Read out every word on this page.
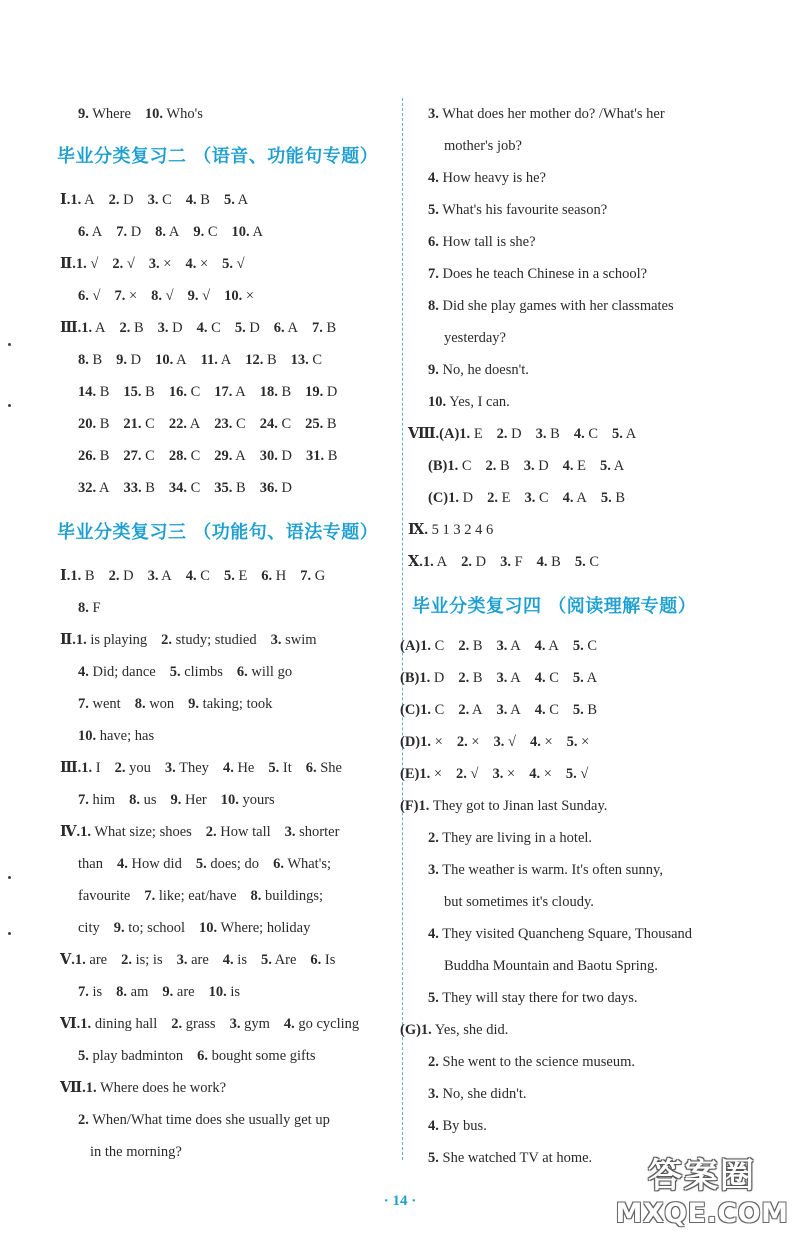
9. Where 10. Who's
毕业分类复习二 （语音、功能句专题）
Ⅰ.1. A 2. D 3. C 4. B 5. A
6. A 7. D 8. A 9. C 10. A
Ⅱ.1. √ 2. √ 3. × 4. × 5. √
6. √ 7. × 8. √ 9. √ 10. ×
Ⅲ.1. A 2. B 3. D 4. C 5. D 6. A 7. B
8. B 9. D 10. A 11. A 12. B 13. C
14. B 15. B 16. C 17. A 18. B 19. D
20. B 21. C 22. A 23. C 24. C 25. B
26. B 27. C 28. C 29. A 30. D 31. B
32. A 33. B 34. C 35. B 36. D
毕业分类复习三 （功能句、语法专题）
Ⅰ.1. B 2. D 3. A 4. C 5. E 6. H 7. G
8. F
Ⅱ.1. is playing 2. study; studied 3. swim
4. Did; dance 5. climbs 6. will go
7. went 8. won 9. taking; took
10. have; has
Ⅲ.1. I 2. you 3. They 4. He 5. It 6. She
7. him 8. us 9. Her 10. yours
Ⅳ.1. What size; shoes 2. How tall 3. shorter
than 4. How did 5. does; do 6. What's;
favourite 7. like; eat/have 8. buildings;
city 9. to; school 10. Where; holiday
Ⅴ.1. are 2. is; is 3. are 4. is 5. Are 6. Is
7. is 8. am 9. are 10. is
Ⅵ.1. dining hall 2. grass 3. gym 4. go cycling
5. play badminton 6. bought some gifts
Ⅶ.1. Where does he work?
2. When/What time does she usually get up
in the morning?
3. What does her mother do? /What's her
mother's job?
4. How heavy is he?
5. What's his favourite season?
6. How tall is she?
7. Does he teach Chinese in a school?
8. Did she play games with her classmates
yesterday?
9. No, he doesn't.
10. Yes, I can.
Ⅷ.(A)1. E 2. D 3. B 4. C 5. A
(B)1. C 2. B 3. D 4. E 5. A
(C)1. D 2. E 3. C 4. A 5. B
Ⅸ. 5 1 3 2 4 6
Ⅹ.1. A 2. D 3. F 4. B 5. C
毕业分类复习四 （阅读理解专题）
(A)1. C 2. B 3. A 4. A 5. C
(B)1. D 2. B 3. A 4. C 5. A
(C)1. C 2. A 3. A 4. C 5. B
(D)1. × 2. × 3. √ 4. × 5. ×
(E)1. × 2. √ 3. × 4. × 5. √
(F)1. They got to Jinan last Sunday.
2. They are living in a hotel.
3. The weather is warm. It's often sunny,
but sometimes it's cloudy.
4. They visited Quancheng Square, Thousand
Buddha Mountain and Baotu Spring.
5. They will stay there for two days.
(G)1. Yes, she did.
2. She went to the science museum.
3. No, she didn't.
4. By bus.
5. She watched TV at home.
· 14 ·
答案圈
MXQE.COM
